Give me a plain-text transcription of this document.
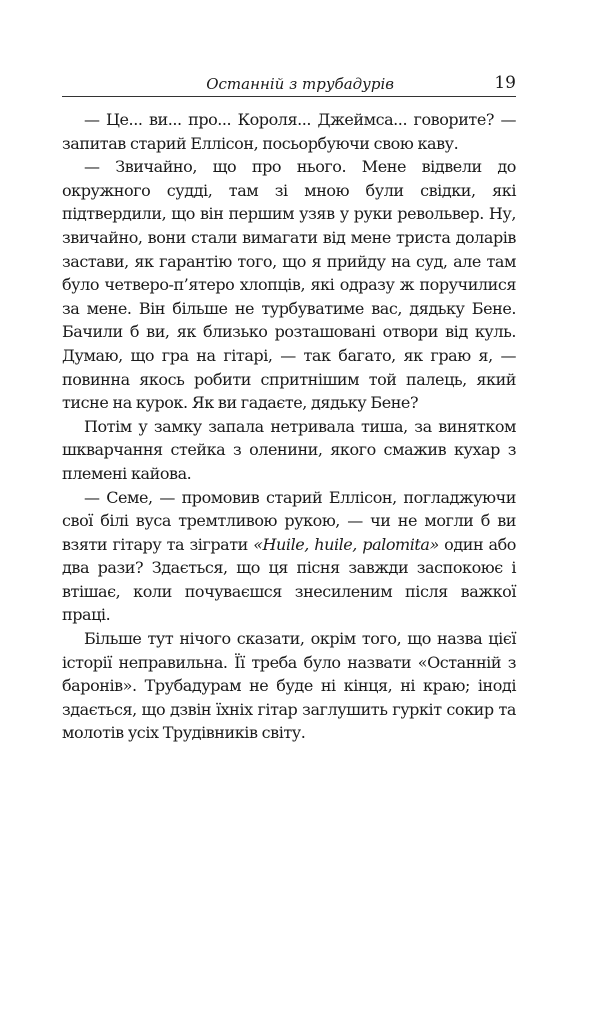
Останній з трубадурів	19

— Це... ви... про... Короля... Джеймса... говорите? — запитав старий Еллісон, посьорбуючи свою каву.

— Звичайно, що про нього. Мене відвели до окружного судді, там зі мною були свідки, які підтвердили, що він першим узяв у руки револьвер. Ну, звичайно, вони стали вимагати від мене триста доларів застави, як гарантію того, що я прийду на суд, але там було четверо-п’ятеро хлопців, які одразу ж поручилися за мене. Він більше не турбуватиме вас, дядьку Бене. Бачили б ви, як близько розташовані отвори від куль. Думаю, що гра на гітарі, — так багато, як граю я, — повинна якось робити спритнішим той палець, який тисне на курок. Як ви гадаєте, дядьку Бене?

Потім у замку запала нетривала тиша, за винятком шкварчання стейка з оленини, якого смажив кухар з племені кайова.

— Семе, — промовив старий Еллісон, погладжуючи свої білі вуса тремтливою рукою, — чи не могли б ви взяти гітару та зіграти «Huile, huile, palomita» один або два рази? Здається, що ця пісня завжди заспокоює і втішає, коли почуваєшся знесиленим після важкої праці.

Більше тут нічого сказати, окрім того, що назва цієї історії неправильна. Її треба було назвати «Останній з баронів». Трубадурам не буде ні кінця, ні краю; іноді здається, що дзвін їхніх гітар заглушить гуркіт сокир та молотів усіх Трудівників світу.
